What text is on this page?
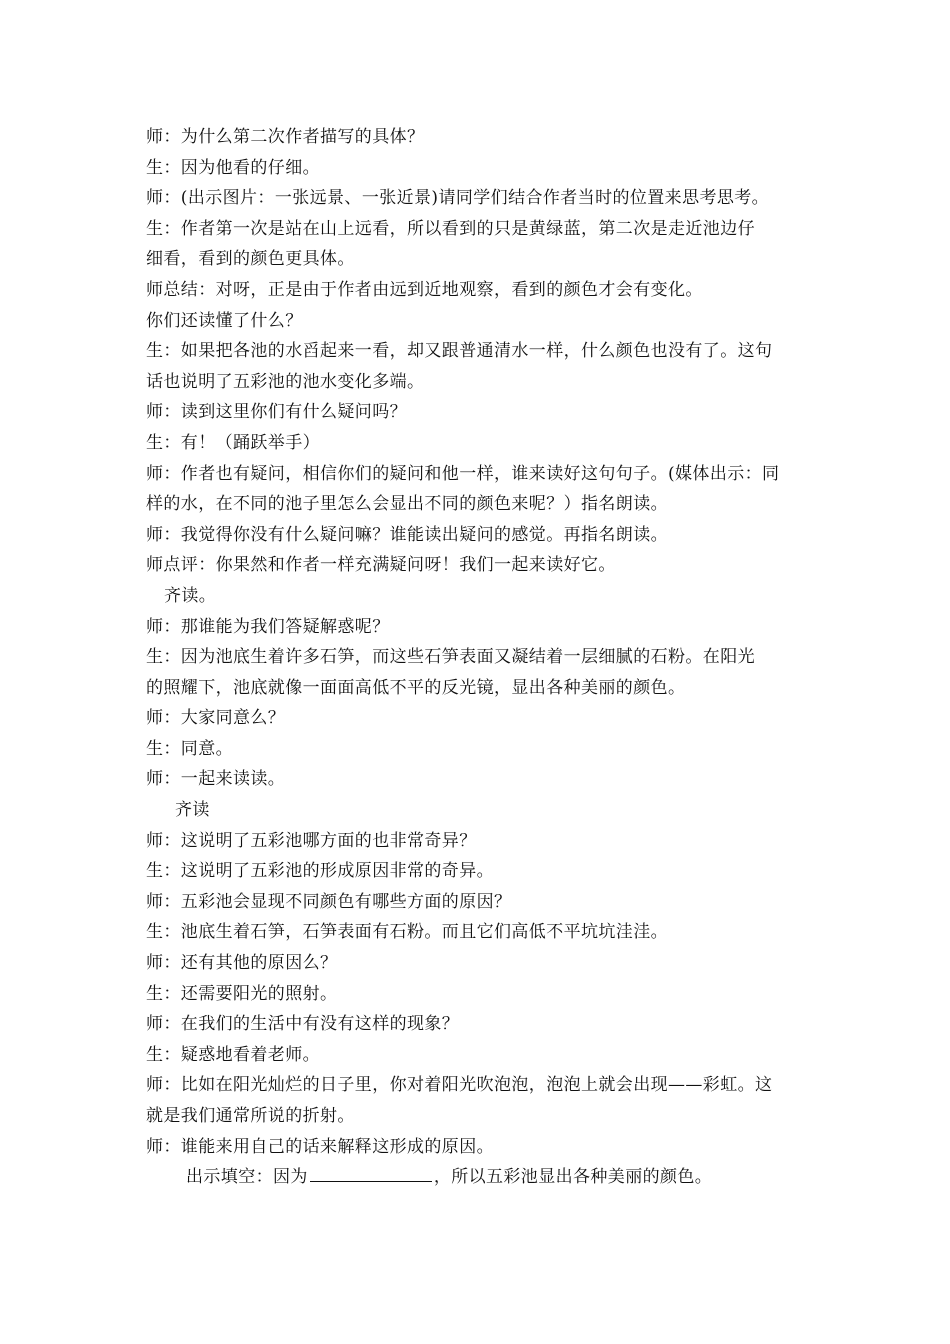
师：为什么第二次作者描写的具体？
生：因为他看的仔细。
师：(出示图片：一张远景、一张近景)请同学们结合作者当时的位置来思考思考。
生：作者第一次是站在山上远看，所以看到的只是黄绿蓝，第二次是走近池边仔
细看，看到的颜色更具体。
师总结：对呀，正是由于作者由远到近地观察，看到的颜色才会有变化。
你们还读懂了什么？
生：如果把各池的水舀起来一看，却又跟普通清水一样，什么颜色也没有了。这句
话也说明了五彩池的池水变化多端。
师：读到这里你们有什么疑问吗？
生：有！（踊跃举手）
师：作者也有疑问，相信你们的疑问和他一样，谁来读好这句句子。(媒体出示：同
样的水，在不同的池子里怎么会显出不同的颜色来呢？）指名朗读。
师：我觉得你没有什么疑问嘛？谁能读出疑问的感觉。再指名朗读。
师点评：你果然和作者一样充满疑问呀！我们一起来读好它。
齐读。
师：那谁能为我们答疑解惑呢？
生：因为池底生着许多石笋，而这些石笋表面又凝结着一层细腻的石粉。在阳光
的照耀下，池底就像一面面高低不平的反光镜，显出各种美丽的颜色。
师：大家同意么？
生：同意。
师：一起来读读。
齐读
师：这说明了五彩池哪方面的也非常奇异？
生：这说明了五彩池的形成原因非常的奇异。
师：五彩池会显现不同颜色有哪些方面的原因？
生：池底生着石笋，石笋表面有石粉。而且它们高低不平坑坑洼洼。
师：还有其他的原因么？
生：还需要阳光的照射。
师：在我们的生活中有没有这样的现象？
生：疑惑地看着老师。
师：比如在阳光灿烂的日子里，你对着阳光吹泡泡，泡泡上就会出现——彩虹。这
就是我们通常所说的折射。
师：谁能来用自己的话来解释这形成的原因。
出示填空：因为	，所以五彩池显出各种美丽的颜色。
